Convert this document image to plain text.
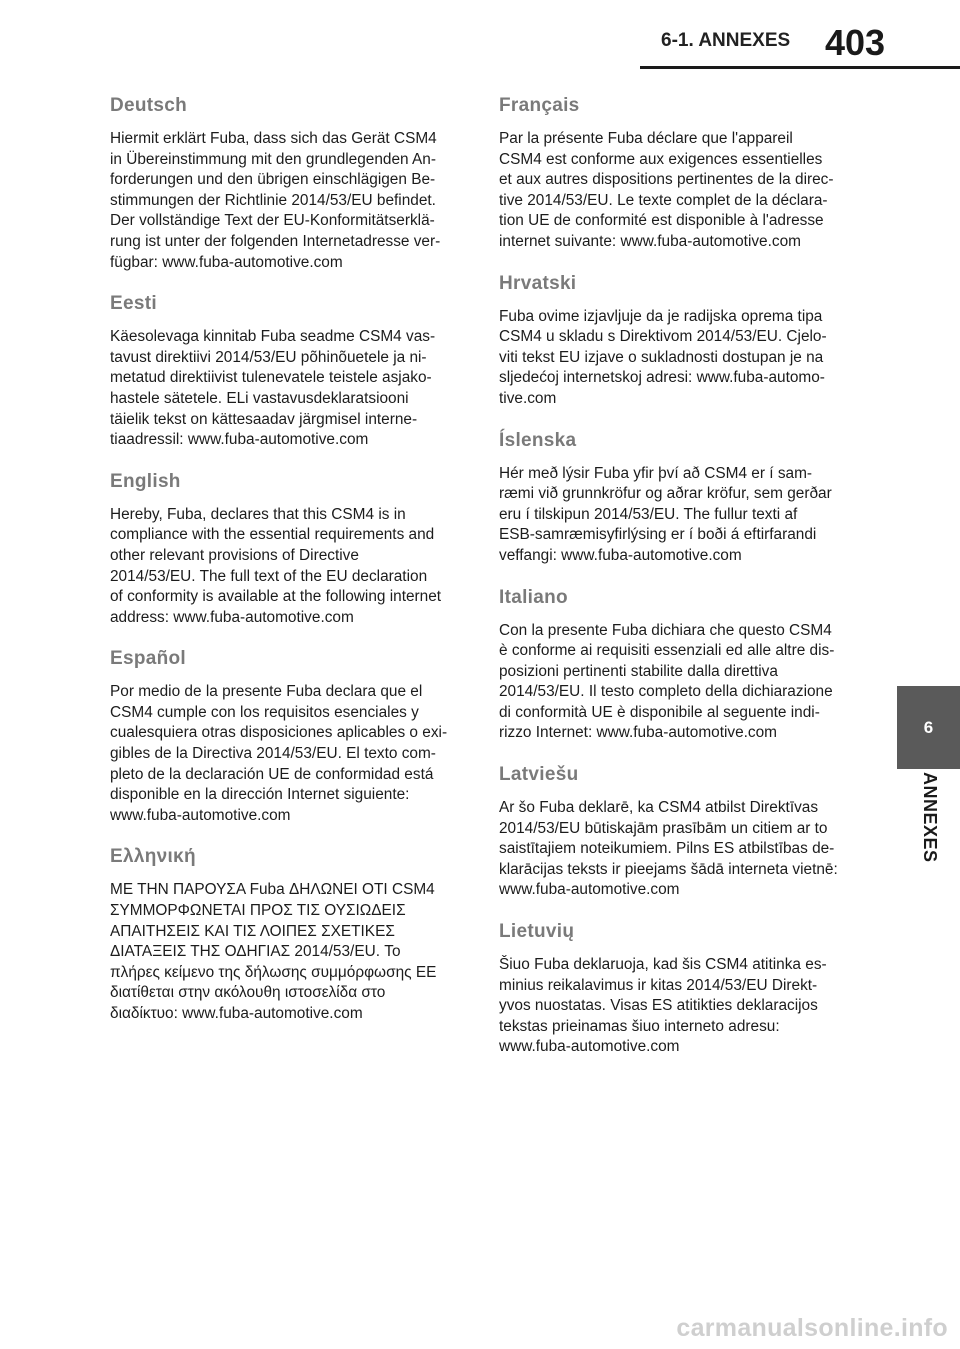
6-1. ANNEXES 403
Deutsch

Hiermit erklärt Fuba, dass sich das Gerät CSM4
in Übereinstimmung mit den grundlegenden An-
forderungen und den übrigen einschlägigen Be-
stimmungen der Richtlinie 2014/53/EU befindet.
Der vollständige Text der EU-Konformitätserklä-
rung ist unter der folgenden Internetadresse ver-
fügbar: www.fuba-automotive.com

Eesti

Käesolevaga kinnitab Fuba seadme CSM4 vas-
tavust direktiivi 2014/53/EU põhinõuetele ja ni-
metatud direktiivist tulenevatele teistele asjako-
hastele sätetele. ELi vastavusdeklaratsiooni
täielik tekst on kättesaadav järgmisel interne-
tiaadressil: www.fuba-automotive.com

English

Hereby, Fuba, declares that this CSM4 is in
compliance with the essential requirements and
other relevant provisions of Directive
2014/53/EU. The full text of the EU declaration
of conformity is available at the following internet
address: www.fuba-automotive.com

Español

Por medio de la presente Fuba declara que el
CSM4 cumple con los requisitos esenciales y
cualesquiera otras disposiciones aplicables o exi-
gibles de la Directiva 2014/53/EU. El texto com-
pleto de la declaración UE de conformidad está
disponible en la dirección Internet siguiente:
www.fuba-automotive.com

Ελληνική

ΜΕ ΤΗΝ ΠΑΡΟΥΣΑ Fuba ΔΗΛΩΝΕΙ ΟΤΙ CSM4
ΣΥΜΜΟΡΦΩΝΕΤΑΙ ΠΡΟΣ ΤΙΣ ΟΥΣΙΩΔΕΙΣ
ΑΠΑΙΤΗΣΕΙΣ ΚΑΙ ΤΙΣ ΛΟΙΠΕΣ ΣΧΕΤΙΚΕΣ
ΔΙΑΤΑΞΕΙΣ ΤΗΣ ΟΔΗΓΙΑΣ 2014/53/EU. Το
πλήρες κείμενο της δήλωσης συμμόρφωσης ΕΕ
διατίθεται στην ακόλουθη ιστοσελίδα στο
διαδίκτυο: www.fuba-automotive.com

Français

Par la présente Fuba déclare que l'appareil
CSM4 est conforme aux exigences essentielles
et aux autres dispositions pertinentes de la direc-
tive 2014/53/EU. Le texte complet de la déclara-
tion UE de conformité est disponible à l'adresse
internet suivante: www.fuba-automotive.com

Hrvatski

Fuba ovime izjavljuje da je radijska oprema tipa
CSM4 u skladu s Direktivom 2014/53/EU. Cjelo-
viti tekst EU izjave o sukladnosti dostupan je na
sljedećoj internetskoj adresi: www.fuba-automo-
tive.com

Íslenska

Hér með lýsir Fuba yfir því að CSM4 er í sam-
ræmi við grunnkröfur og aðrar kröfur, sem gerðar
eru í tilskipun 2014/53/EU. The fullur texti af
ESB-samræmisyfirlýsing er í boði á eftirfarandi
veffangi: www.fuba-automotive.com

Italiano

Con la presente Fuba dichiara che questo CSM4
è conforme ai requisiti essenziali ed alle altre dis-
posizioni pertinenti stabilite dalla direttiva
2014/53/EU. Il testo completo della dichiarazione
di conformità UE è disponibile al seguente indi-
rizzo Internet: www.fuba-automotive.com

Latviešu

Ar šo Fuba deklarē, ka CSM4 atbilst Direktīvas
2014/53/EU būtiskajām prasībām un citiem ar to
saistītajiem noteikumiem. Pilns ES atbilstības de-
klarācijas teksts ir pieejams šādā interneta vietnē:
www.fuba-automotive.com

Lietuvių

Šiuo Fuba deklaruoja, kad šis CSM4 atitinka es-
minius reikalavimus ir kitas 2014/53/EU Direkt-
yvos nuostatas. Visas ES atitikties deklaracijos
tekstas prieinamas šiuo interneto adresu:
www.fuba-automotive.com

6
ANNEXES
carmanualsonline.info
